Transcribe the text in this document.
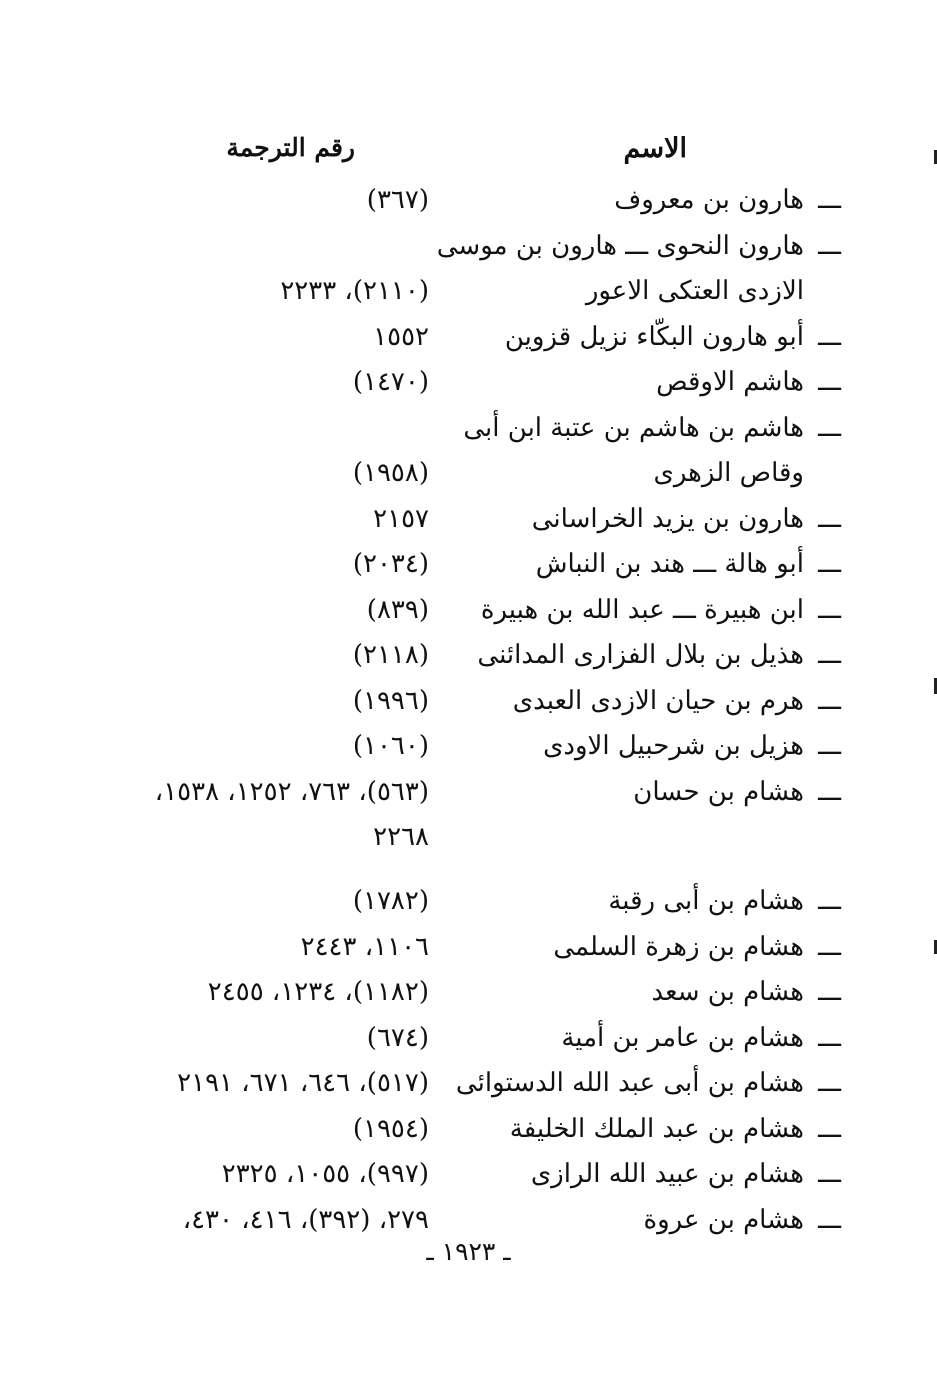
الاسم
رقم الترجمة
ـــ
هارون بن معروف
(٣٦٧)
ـــ
هارون النحوى ـــ هارون بن موسى
الازدى العتكى الاعور
(٢١١٠)، ٢٢٣٣
ـــ
أبو هارون البكّاء نزيل قزوين
١٥٥٢
ـــ
هاشم الاوقص
(١٤٧٠)
ـــ
هاشم بن هاشم بن عتبة ابن أبى
وقاص الزهرى
(١٩٥٨)
ـــ
هارون بن يزيد الخراسانى
٢١٥٧
ـــ
أبو هالة ـــ هند بن النباش
(٢٠٣٤)
ـــ
ابن هبيرة ـــ عبد الله بن هبيرة
(٨٣٩)
ـــ
هذيل بن بلال الفزارى المدائنى
(٢١١٨)
ـــ
هرم بن حيان الازدى العبدى
(١٩٩٦)
ـــ
هزيل بن شرحبيل الاودى
(١٠٦٠)
ـــ
هشام بن حسان
(٥٦٣)، ٧٦٣، ١٢٥٢، ١٥٣٨،
٢٢٦٨
ـــ
هشام بن أبى رقبة
(١٧٨٢)
ـــ
هشام بن زهرة السلمى
١١٠٦، ٢٤٤٣
ـــ
هشام بن سعد
(١١٨٢)، ١٢٣٤، ٢٤٥٥
ـــ
هشام بن عامر بن أمية
(٦٧٤)
ـــ
هشام بن أبى عبد الله الدستوائى
(٥١٧)، ٦٤٦، ٦٧١، ٢١٩١
ـــ
هشام بن عبد الملك الخليفة
(١٩٥٤)
ـــ
هشام بن عبيد الله الرازى
(٩٩٧)، ١٠٥٥، ٢٣٢٥
ـــ
هشام بن عروة
٢٧٩، (٣٩٢)، ٤١٦، ٤٣٠،
ـ ١٩٢٣ ـ
